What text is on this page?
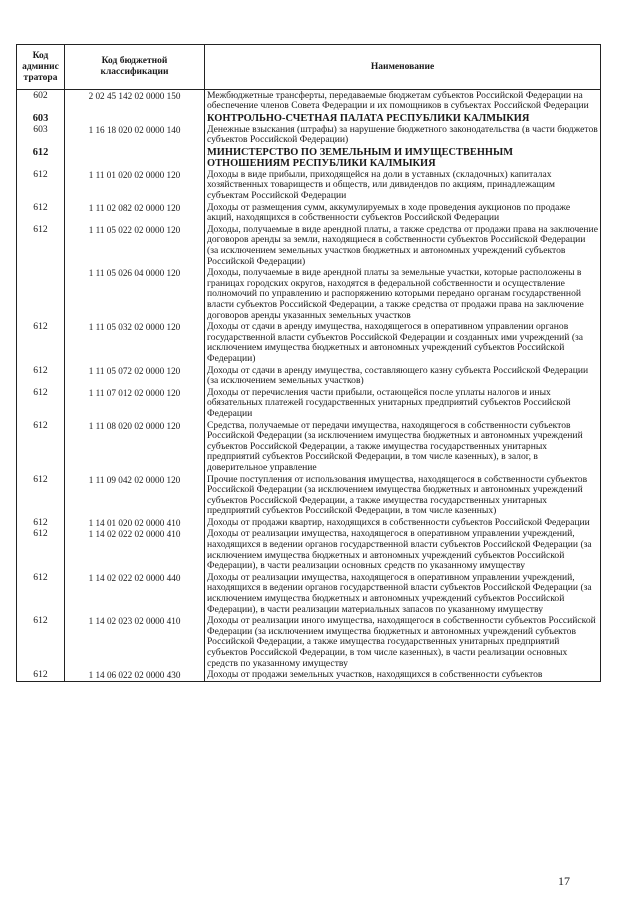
Код админис тратора	Код бюджетной классификации	Наименование
602	2 02 45 142 02 0000 150	Межбюджетные трансферты, передаваемые бюджетам субъектов Российской Федерации на обеспечение членов Совета Федерации и их помощников в субъектах Российской Федерации
603		КОНТРОЛЬНО-СЧЕТНАЯ ПАЛАТА РЕСПУБЛИКИ КАЛМЫКИЯ
603	1 16 18 020 02 0000 140	Денежные взыскания (штрафы) за нарушение бюджетного законодательства (в части бюджетов субъектов Российской Федерации)
612		МИНИСТЕРСТВО ПО ЗЕМЕЛЬНЫМ И ИМУЩЕСТВЕННЫМ ОТНОШЕНИЯМ РЕСПУБЛИКИ КАЛМЫКИЯ
612	1 11 01 020 02 0000 120	Доходы в виде прибыли, приходящейся на доли в уставных (складочных) капиталах хозяйственных товариществ и обществ, или дивидендов по акциям, принадлежащим субъектам Российской Федерации
612	1 11 02 082 02 0000 120	Доходы от размещения сумм, аккумулируемых в ходе проведения аукционов по продаже акций, находящихся в собственности субъектов Российской Федерации
612	1 11 05 022 02 0000 120	Доходы, получаемые в виде арендной платы, а также средства от продажи права на заключение договоров аренды за земли, находящиеся в собственности субъектов Российской Федерации (за исключением земельных участков бюджетных и автономных учреждений субъектов Российской Федерации)
	1 11 05 026 04 0000 120	Доходы, получаемые в виде арендной платы за земельные участки, которые расположены в границах городских округов, находятся в федеральной собственности и осуществление полномочий по управлению и распоряжению которыми передано органам государственной власти субъектов Российской Федерации, а также средства от продажи права на заключение договоров аренды указанных земельных участков
612	1 11 05 032 02 0000 120	Доходы от сдачи в аренду имущества, находящегося в оперативном управлении органов государственной власти субъектов Российской Федерации и созданных ими учреждений (за исключением имущества бюджетных и автономных учреждений субъектов Российской Федерации)
612	1 11 05 072 02 0000 120	Доходы от сдачи в аренду имущества, составляющего казну субъекта Российской Федерации (за исключением земельных участков)
612	1 11 07 012 02 0000 120	Доходы от перечисления части прибыли, остающейся после уплаты налогов и иных обязательных платежей государственных унитарных предприятий субъектов Российской Федерации
612	1 11 08 020 02 0000 120	Средства, получаемые от передачи имущества, находящегося в собственности субъектов Российской Федерации (за исключением имущества бюджетных и автономных учреждений субъектов Российской Федерации, а также имущества государственных унитарных предприятий субъектов Российской Федерации, в том числе казенных), в залог, в доверительное управление
612	1 11 09 042 02 0000 120	Прочие поступления от использования имущества, находящегося в собственности субъектов Российской Федерации (за исключением имущества бюджетных и автономных учреждений субъектов Российской Федерации, а также имущества государственных унитарных предприятий субъектов Российской Федерации, в том числе казенных)
612	1 14 01 020 02 0000 410	Доходы от продажи квартир, находящихся в собственности субъектов Российской Федерации
612	1 14 02 022 02 0000 410	Доходы от реализации имущества, находящегося в оперативном управлении учреждений, находящихся в ведении органов государственной власти субъектов Российской Федерации (за исключением имущества бюджетных и автономных учреждений субъектов Российской Федерации), в части реализации основных средств по указанному имуществу
612	1 14 02 022 02 0000 440	Доходы от реализации имущества, находящегося в оперативном управлении учреждений, находящихся в ведении органов государственной власти субъектов Российской Федерации (за исключением имущества бюджетных и автономных учреждений субъектов Российской Федерации), в части реализации материальных запасов по указанному имуществу
612	1 14 02 023 02 0000 410	Доходы от реализации иного имущества, находящегося в собственности субъектов Российской Федерации (за исключением имущества бюджетных и автономных учреждений субъектов Российской Федерации, а также имущества государственных унитарных предприятий субъектов Российской Федерации, в том числе казенных), в части реализации основных средств по указанному имуществу
612	1 14 06 022 02 0000 430	Доходы от продажи земельных участков, находящихся в собственности субъектов
17
